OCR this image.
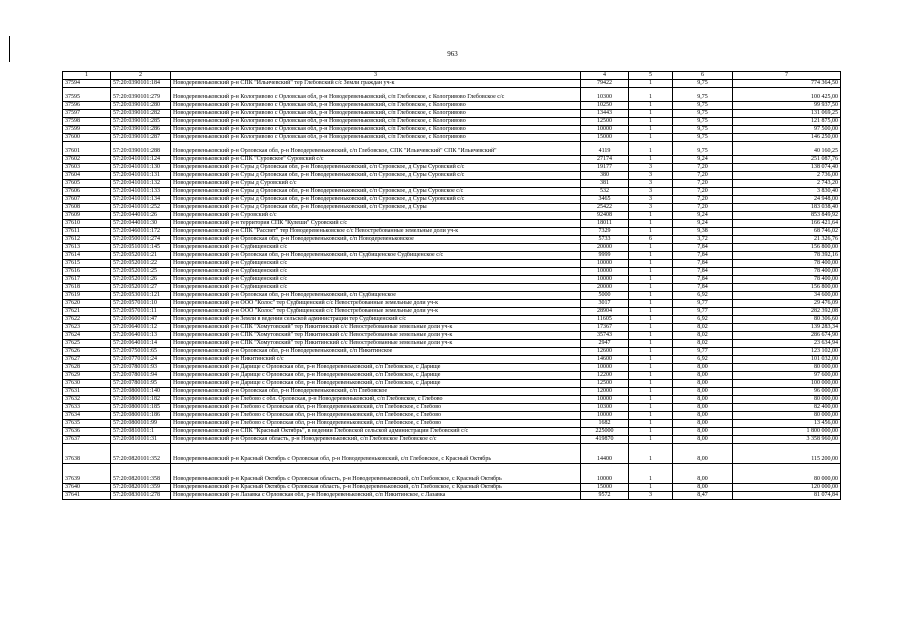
963
1	2	3	4	5	6	7
37594	57:20:0390101:184	Новодеревеньковский р-н СПК "Ильичевский" тер Глебовский с/с Земли граждан уч-к	79422	1	9,75	774 364,50
37595	57:20:0390101:279	Новодеревеньковский р-н Кологривово с Орловская обл, р-н Новодеревеньковский, с/п Глебовское, с Кологривово Глебовское с/с	10300	1	9,75	100 425,00
37596	57:20:0390101:280	Новодеревеньковский р-н Кологривово с Орловская обл, р-н Новодеревеньковский, с/п Глебовское, с Кологривово	10250	1	9,75	99 937,50
37597	57:20:0390101:282	Новодеревеньковский р-н Кологривово с Орловская обл, р-н Новодеревеньковский, с/п Глебовское, с Кологривово	13443	1	9,75	131 069,25
37598	57:20:0390101:285	Новодеревеньковский р-н Кологривово с Орловская обл, р-н Новодеревеньковский, с/п Глебовское, с Кологривово	12500	1	9,75	121 875,00
37599	57:20:0390101:286	Новодеревеньковский р-н Кологривово с Орловская обл, р-н Новодеревеньковский, с/п Глебовское, с Кологривово	10000	1	9,75	97 500,00
37600	57:20:0390101:287	Новодеревеньковский р-н Кологривово с Орловская обл, р-н Новодеревеньковский, с/п Глебовское, с Кологривово	15000	1	9,75	146 250,00
37601	57:20:0390101:288	Новодеревеньковский р-н Орловская обл, р-н Новодеревеньковский, с/п Глебовское, СПК "Ильичевский" СПК "Ильичевский"	4119	1	9,75	40 160,25
37602	57:20:0410101:124	Новодеревеньковский р-н СПК "Суровское" Суровский с/с	27174	1	9,24	251 087,76
37603	57:20:0410101:130	Новодеревеньковский р-н Суры д Орловская обл, р-н Новодеревеньковский, с/п Суровское, д Суры Суровский с/с	19177	3	7,20	138 074,40
37604	57:20:0410101:131	Новодеревеньковский р-н Суры д Орловская обл, р-н Новодеревеньковский, с/п Суровское, д Суры Суровский с/с	380	3	7,20	2 736,00
37605	57:20:0410101:132	Новодеревеньковский р-н Суры д Суровский с/с	381	3	7,20	2 743,20
37606	57:20:0410101:133	Новодеревеньковский р-н Суры д Орловская обл, р-н Новодеревеньковский, с/п Суровское, д Суры Суровское с/с	532	3	7,20	3 830,40
37607	57:20:0410101:134	Новодеревеньковский р-н Суры д Орловская обл, р-н Новодеревеньковский, с/п Суровское, д Суры Суровский с/с	3465	3	7,20	24 948,00
37608	57:20:0410101:252	Новодеревеньковский р-н Суры д Орловская обл, р-н Новодеревеньковский, с/п Суровское, д Суры	25422	3	7,20	183 038,40
37609	57:20:0440101:26	Новодеревеньковский р-н Суровский с/с	92408	1	9,24	853 849,92
37610	57:20:0440101:30	Новодеревеньковский р-н территория СПК "Кулеши" Суровский с/с	18011	1	9,24	166 421,64
37611	57:20:0460101:172	Новодеревеньковский р-н СПК "Рассвет" тер Новодеревеньковское с/с Невостребованные земельные доли уч-к	7329	1	9,38	68 746,02
37612	57:20:0500101:274	Новодеревеньковский р-н Орловская обл, р-н Новодеревеньковский, с/п Новодеревеньковское	5733	6	3,72	21 326,76
37613	57:20:0510101:145	Новодеревеньковский р-н Судбищенский с/с	20000	1	7,84	156 800,00
37614	57:20:0520101:21	Новодеревеньковский р-н Орловская обл, р-н Новодеревеньковский, с/п Судбищенское Судбищенское с/с	9999	1	7,84	78 392,16
37615	57:20:0520101:22	Новодеревеньковский р-н Судбищенский с/с	10000	1	7,84	78 400,00
37616	57:20:0520101:25	Новодеревеньковский р-н Судбищенский с/с	10000	1	7,84	78 400,00
37617	57:20:0520101:26	Новодеревеньковский р-н Судбищенский с/с	10000	1	7,84	78 400,00
37618	57:20:0520101:27	Новодеревеньковский р-н Судбищенский с/с	20000	1	7,84	156 800,00
37619	57:20:0530101:121	Новодеревеньковский р-н Орловская обл, р-н Новодеревеньковский, с/п Судбищенское	5000	1	6,92	34 600,00
37620	57:20:0570101:10	Новодеревеньковский р-н ООО "Колос" тер Судбищенский с/с Невостребованные земельные доли уч-к	3017	1	9,77	29 476,09
37621	57:20:0570101:11	Новодеревеньковский р-н ООО "Колос" тер Судбищенский с/с Невостребованные земельные доли уч-к	28904	1	9,77	282 392,08
37622	57:20:0600101:47	Новодеревеньковский р-н Земли в ведении сельской администрации тер Судбищенский с/с	11605	1	6,92	80 306,60
37623	57:20:0640101:12	Новодеревеньковский р-н СПК "Хомутовский" тер Никитинский с/с Невостребованные земельные доли уч-к	17367	1	8,02	139 283,34
37624	57:20:0640101:13	Новодеревеньковский р-н СПК "Хомутовский" тер Никитинский с/с Невостребованные земельные доли уч-к	35743	1	8,02	286 674,90
37625	57:20:0640101:14	Новодеревеньковский р-н СПК "Хомутовский" тер Никитинский с/с Невостребованные земельные доли уч-к	2947	1	8,02	23 634,94
37626	57:20:0750101:65	Новодеревеньковский р-н Орловская обл, р-н Новодеревеньковский, с/п Никитинское	12600	1	9,77	123 102,00
37627	57:20:0770101:24	Новодеревеньковский р-н Никитинский с/с	14600	1	6,92	101 032,00
37628	57:20:0780101:93	Новодеревеньковский р-н Дарище с Орловская обл, р-н Новодеревеньковский, с/п Глебовское, с Дарище	10000	1	8,00	80 000,00
37629	57:20:0780101:94	Новодеревеньковский р-н Дарище с Орловская обл, р-н Новодеревеньковский, с/п Глебовское, с Дарище	12200	1	8,00	97 600,00
37630	57:20:0780101:95	Новодеревеньковский р-н Дарище с Орловская обл, р-н Новодеревеньковский, с/п Глебовское, с Дарище	12500	1	8,00	100 000,00
37631	57:20:0800101:140	Новодеревеньковский р-н Орловская обл, р-н Новодеревеньковский, с/п Глебовское	12000	1	8,00	96 000,00
37632	57:20:0800101:182	Новодеревеньковский р-н Глебово с обл. Орловская, р-н Новодеревеньковский, с/п Глебовское, с Глебово	10000	1	8,00	80 000,00
37633	57:20:0800101:185	Новодеревеньковский р-н Глебово с Орловская обл, р-н Новодеревеньковский, с/п Глебовское, с Глебово	10300	1	8,00	82 400,00
37634	57:20:0800101:186	Новодеревеньковский р-н Глебово с Орловская обл, р-н Новодеревеньковский, с/п Глебовское, с Глебово	10000	1	8,00	80 000,00
37635	57:20:0800101:99	Новодеревеньковский р-н Глебово с Орловская обл, р-н Новодеревеньковский, с/п Глебовское, с Глебово	1682	1	8,00	13 456,00
37636	57:20:0810101:1	Новодеревеньковский р-н СПК "Красный Октябрь", в ведении Глебовской сельской администрации Глебовский с/с	225000	1	8,00	1 800 000,00
37637	57:20:0810101:31	Новодеревеньковский р-н Орловская область, р-н Новодеревеньковский, с/п Глебовское Глебовское с/с	419870	1	8,00	3 358 960,00
37638	57:20:0820101:352	Новодеревеньковский р-н Красный Октябрь с Орловская обл, р-н Новодеревеньковский, с/п Глебовское, с Красный Октябрь	14400	1	8,00	115 200,00
37639	57:20:0820101:358	Новодеревеньковский р-н Красный Октябрь с Орловская область, р-н Новодеревеньковский, с/п Глебовское, с Красный Октябрь	10000	1	8,00	80 000,00
37640	57:20:0820101:359	Новодеревеньковский р-н Красный Октябрь с Орловская область, р-н Новодеревеньковский, с/п Глебовское, с Красный Октябрь	15000	1	8,00	120 000,00
37641	57:20:0830101:278	Новодеревеньковский р-н Лазавка с Орловская обл, р-н Новодеревеньковский, с/п Никитинское, с Лазавка	9572	3	8,47	81 074,84
